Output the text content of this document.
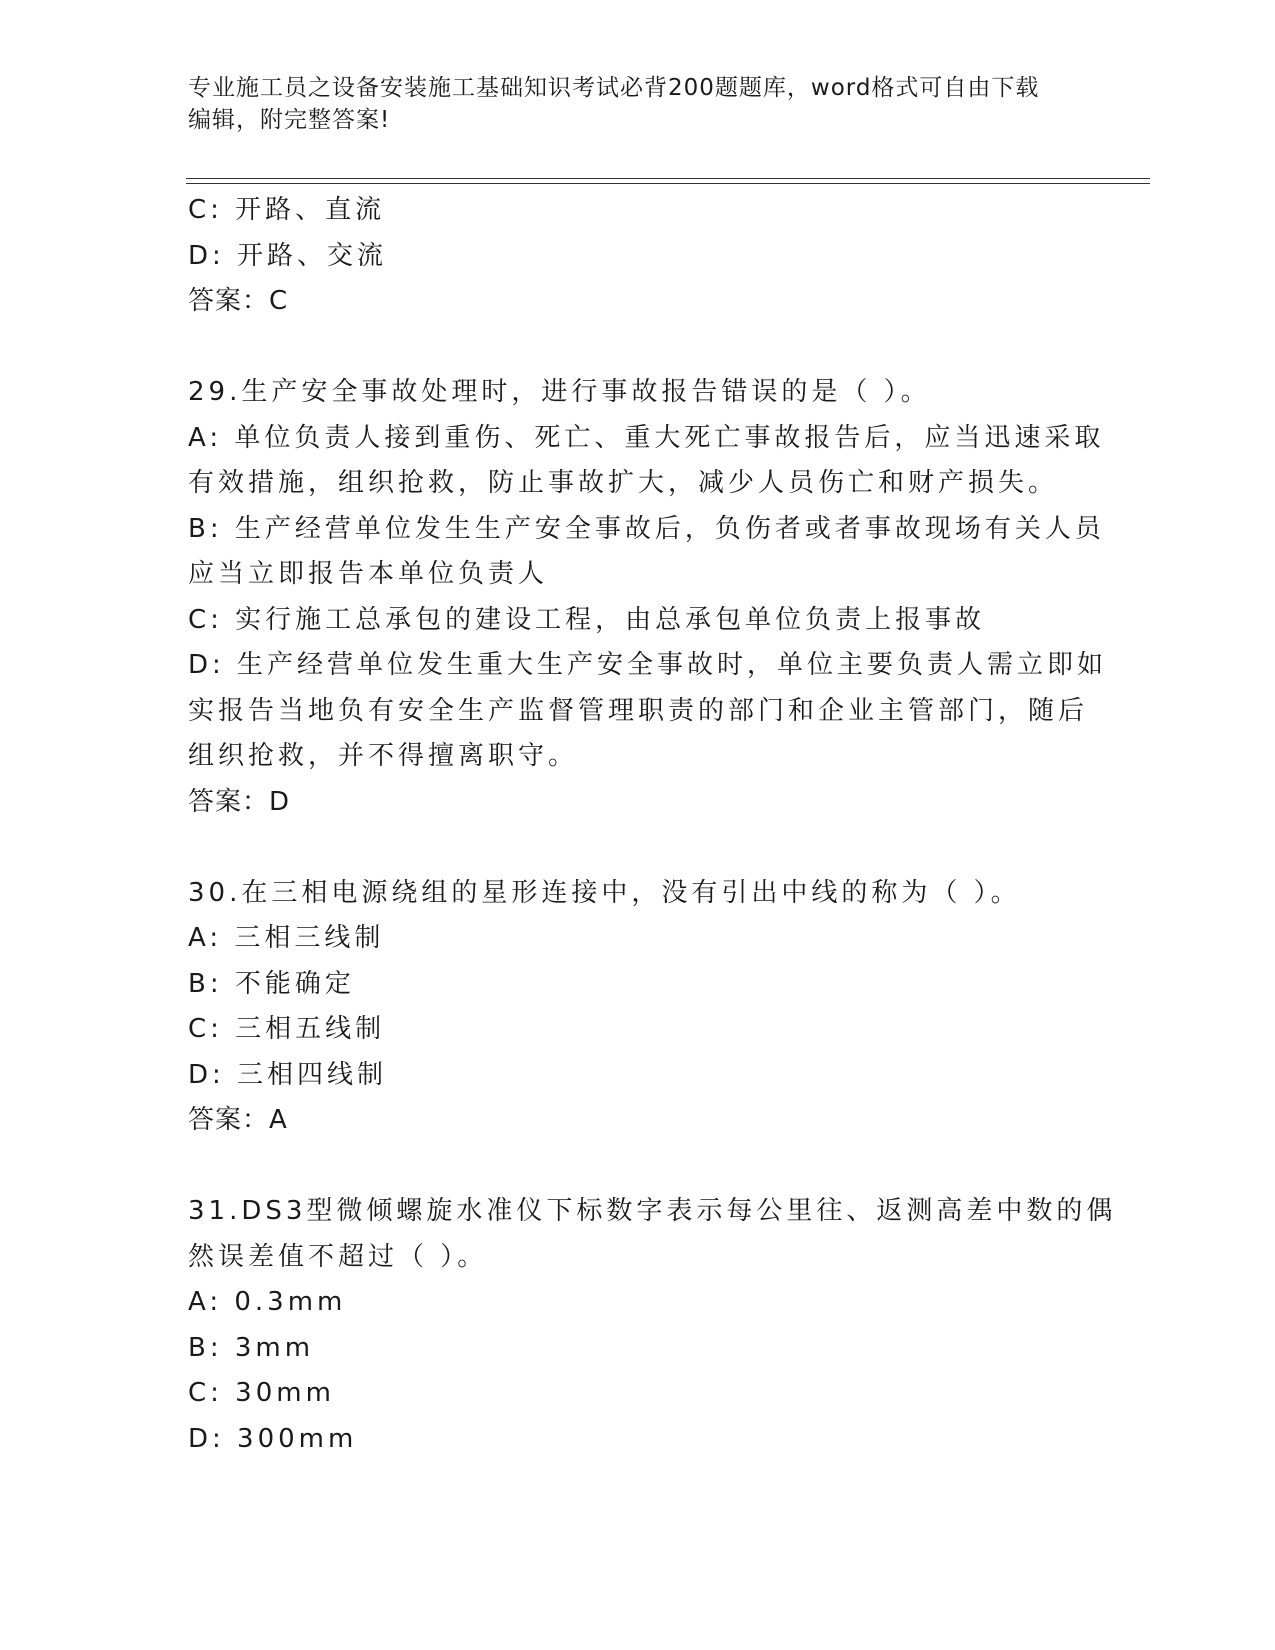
专业施工员之设备安装施工基础知识考试必背200题题库，word格式可自由下载
编辑，附完整答案!
C: 开路、直流
D: 开路、交流
答案：C
29.生产安全事故处理时，进行事故报告错误的是（ ）。
A: 单位负责人接到重伤、死亡、重大死亡事故报告后，应当迅速采取
有效措施，组织抢救，防止事故扩大，减少人员伤亡和财产损失。
B: 生产经营单位发生生产安全事故后，负伤者或者事故现场有关人员
应当立即报告本单位负责人
C: 实行施工总承包的建设工程，由总承包单位负责上报事故
D: 生产经营单位发生重大生产安全事故时，单位主要负责人需立即如
实报告当地负有安全生产监督管理职责的部门和企业主管部门，随后
组织抢救，并不得擅离职守。
答案：D
30.在三相电源绕组的星形连接中，没有引出中线的称为（ ）。
A: 三相三线制
B: 不能确定
C: 三相五线制
D: 三相四线制
答案：A
31.DS3型微倾螺旋水准仪下标数字表示每公里往、返测高差中数的偶
然误差值不超过（ ）。
A: 0.3mm
B: 3mm
C: 30mm
D: 300mm
